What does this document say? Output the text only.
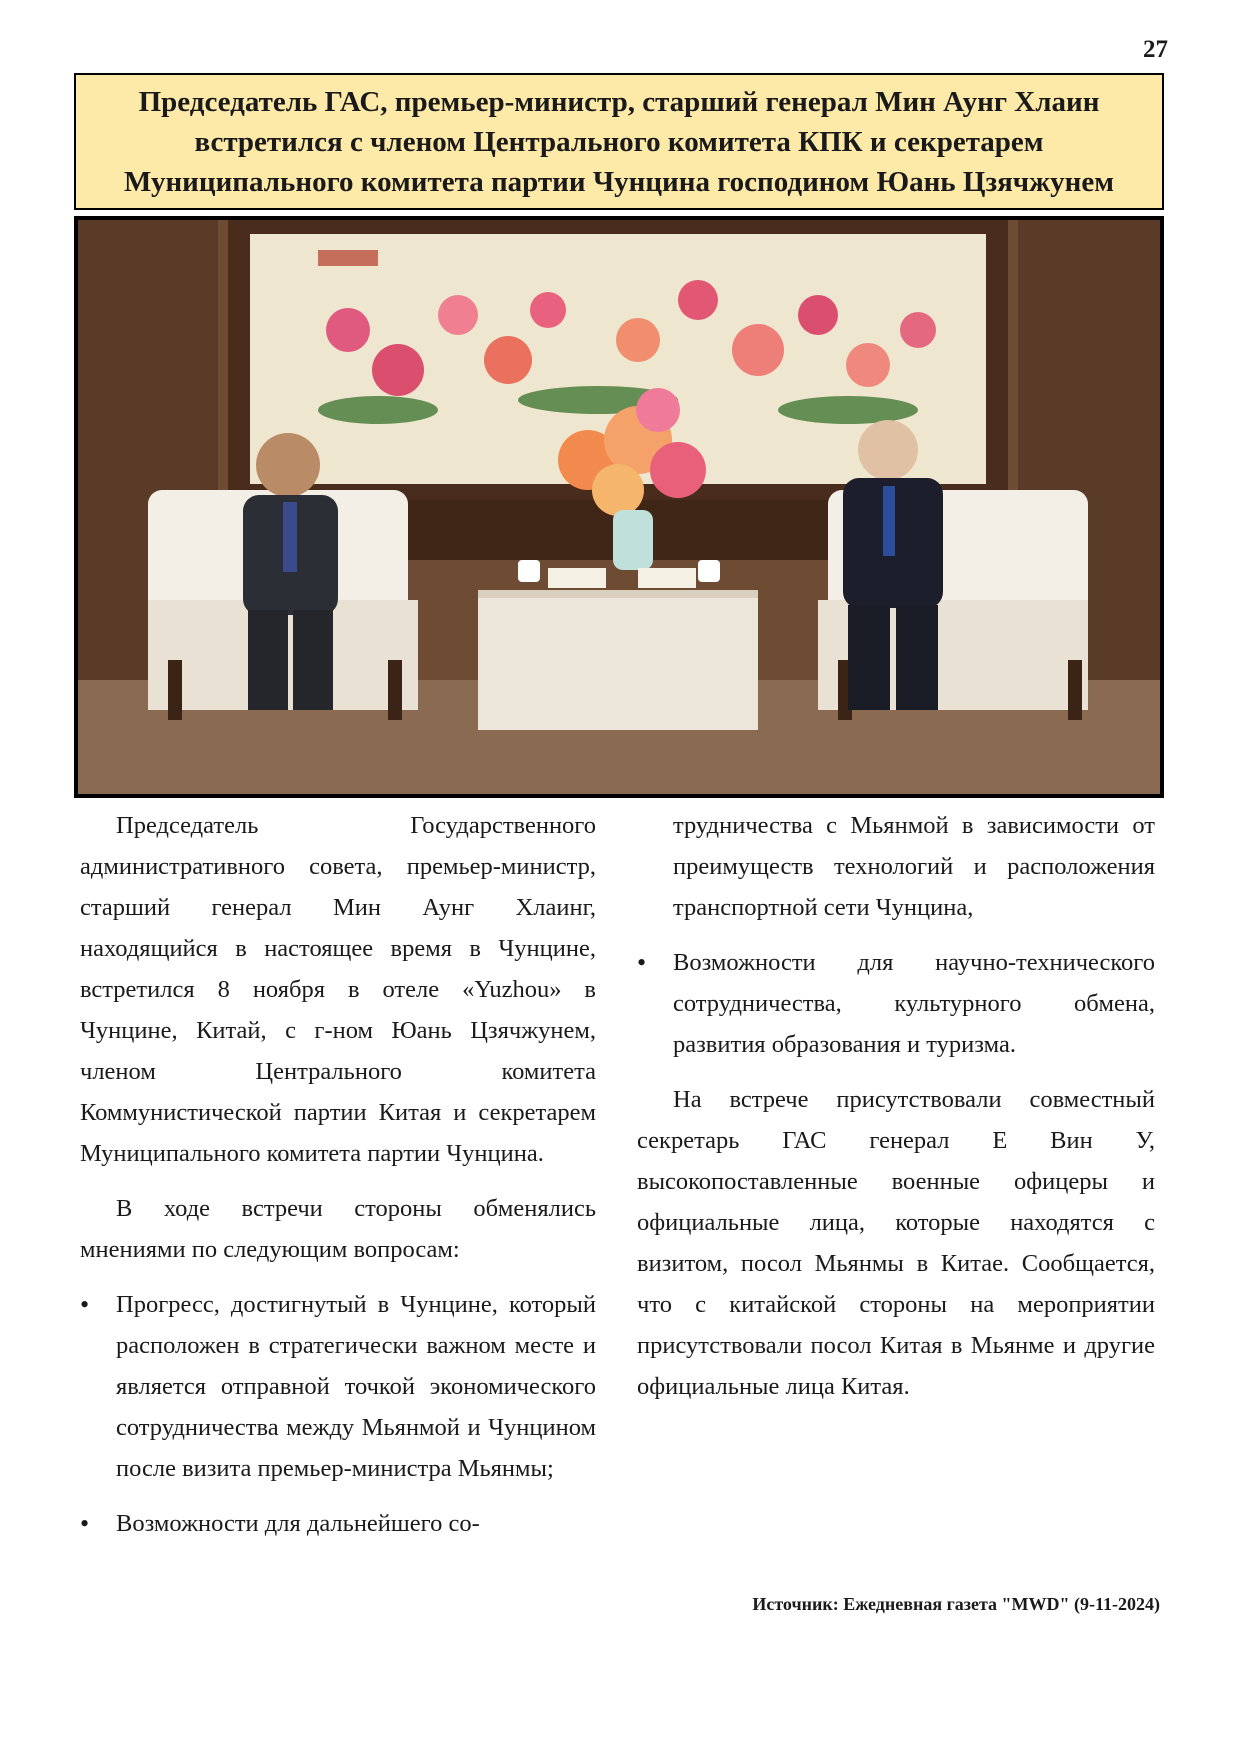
27
Председатель ГАС, премьер-министр, старший генерал Мин Аунг Хлаин встретился с членом Центрального комитета КПК и секретарем Муниципального комитета партии Чунцина господином Юань Цзячжунем

Председатель Государственного административного совета, премьер-министр, старший генерал Мин Аунг Хлаинг, находящийся в настоящее время в Чунцине, встретился 8 ноября в отеле «Yuzhou» в Чунцине, Китай, с г-ном Юань Цзячжунем, членом Центрального комитета Коммунистической партии Китая и секретарем Муниципального комитета партии Чунцина.

В ходе встречи стороны обменялись мнениями по следующим вопросам:

• Прогресс, достигнутый в Чунцине, который расположен в стратегически важном месте и является отправной точкой экономического сотрудничества между Мьянмой и Чунцином после визита премьер-министра Мьянмы;
• Возможности для дальнейшего со-
трудничества с Мьянмой в зависимости от преимуществ технологий и расположения транспортной сети Чунцина,
• Возможности для научно-технического сотрудничества, культурного обмена, развития образования и туризма.

На встрече присутствовали совместный секретарь ГАС генерал Е Вин У, высокопоставленные военные офицеры и официальные лица, которые находятся с визитом, посол Мьянмы в Китае. Сообщается, что с китайской стороны на мероприятии присутствовали посол Китая в Мьянме и другие официальные лица Китая.

Источник: Ежедневная газета "MWD" (9-11-2024)
